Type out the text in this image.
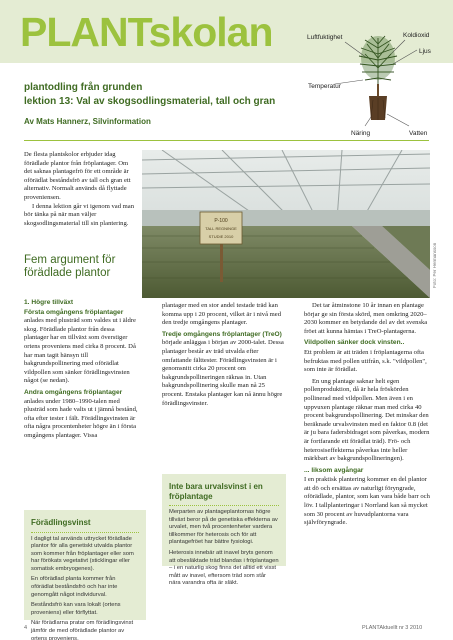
PLANTskolan
plantodling från grunden
lektion 13: Val av skogsodlingsmaterial, tall och gran
Av Mats Hannerz, Silvinformation
Luftfuktighet	Koldioxid
Ljus
Temperatur
Näring	Vatten

De flesta plantskolor erbjuder idag förädlade plantor från fröplantager. Om det saknas plantagefrö för ett område är oförädlat beståndsfrö av tall och gran ett alternativ. Normalt används då flyttade proveniensen.

I denna lektion går vi igenom vad man bör tänka på när man väljer skogsodlingsmaterial till sin plantering.	P-100
TALL REGNINGE
STUDIE 2010
Foto: Per Hermansson
Fem argument för förädlade plantor
1. Högre tillväxt

Första omgångens fröplantager anlades med plusträd som valdes ut i äldre skog. Förädlade plantor från dessa plantager har en tillväxt som överstiger ortens proveniens med cirka 8 procent. Då har man tagit hänsyn till bakgrundspollinering med oförädlat vildpollen som sänker förädlingsvinsten något (se nedan).

Andra omgångens fröplantager anlades under 1980–1990-talen med plusträd som hade valts ut i jämnå bestånd, ofta efter tester i fält. Förädlingsvinsten är ofta några procentenheter högre än i första omgångens plantager. Vissa

plantager med en stor andel testade träd kan komma upp i 20 procent, vilket är i nivå med den tredje omgångens plantager.

Tredje omgångens fröplantager (TreO) började anläggas i början av 2000-talet. Dessa plantager består av träd utvalda efter omfattande fälttester. Förädlingsvinsten är i genomsnitt cirka 20 procent om bakgrundspollineringen räknas in. Utan bakgrundspollinering skulle man nå 25 procent. Enstaka plantager kan nå ännu högre förädlingsvinster.

Det tar åtminstone 10 år innan en plantage börjar ge sin första skörd, men omkring 2020–2030 kommer en betydande del av det svenska fröet att kunna hämtas i TreO-plantagerna.

Vildpollen sänker dock vinsten..

Ett problem är att träden i fröplantagerna ofta befruktas med pollen utifrån, s.k. "vildpollen", som inte är förädlat.

En ung plantage saknar helt egen pollenproduktion, då är hela fröskörden pollinerad med vildpollen. Men även i en uppvuxen plantage räknar man med cirka 40 procent bakgrundspollinering. Det minskar den beräknade urvalsvinsten med en faktor 0.8 (det är ju bara fadersbidraget som påverkas, modern är fortfarande ett förädlat träd). Frö- och heterosiseffekterna påverkas inte heller märkbart av bakgrundspollineringen).

... liksom avgångar

I en praktisk plantering kommer en del plantor att dö och ersättas av naturligt föryngrade, oförädlade, plantor, som kan vara både barr och löv. I tallplanteringar i Norrland kan så mycket som 30 procent av huvudplantorna vara självföryngrade.

Förädlingsvinst

I dagligt tal används uttrycket förädlade plantor för alla genetiskt utvalda plantor som kommer från fröplantager eller som har förökats vegetativt (sticklingar eller somatisk embryogenes).

En oförädlad planta kommer från oförädlat beståndsfrö och har inte genomgått något individurval.

Beståndsfrö kan vara lokalt (ortens proveniens) eller förflyttat.

När förädlarna pratar om förädlingsvinst jämför de med oförädlade plantor av ortens proveniens.

Inte bara urvalsvinst i en fröplantage

Merparten av plantageplantornas högre tillväxt beror på de genetiska effekterna av urvalet, men två procentenheter vardera tillkommer för heterosis och för att plantagefröet har bättre fysiologi.

Heterosis innebär att inavel bryts genom att obesläktade träd blandas i fröplantagen – i en naturlig skog finns det alltid ett visst mått av inavel, eftersom träd som står nära varandra ofta är släkt.

4	PLANTAktuellt nr 3 2010
